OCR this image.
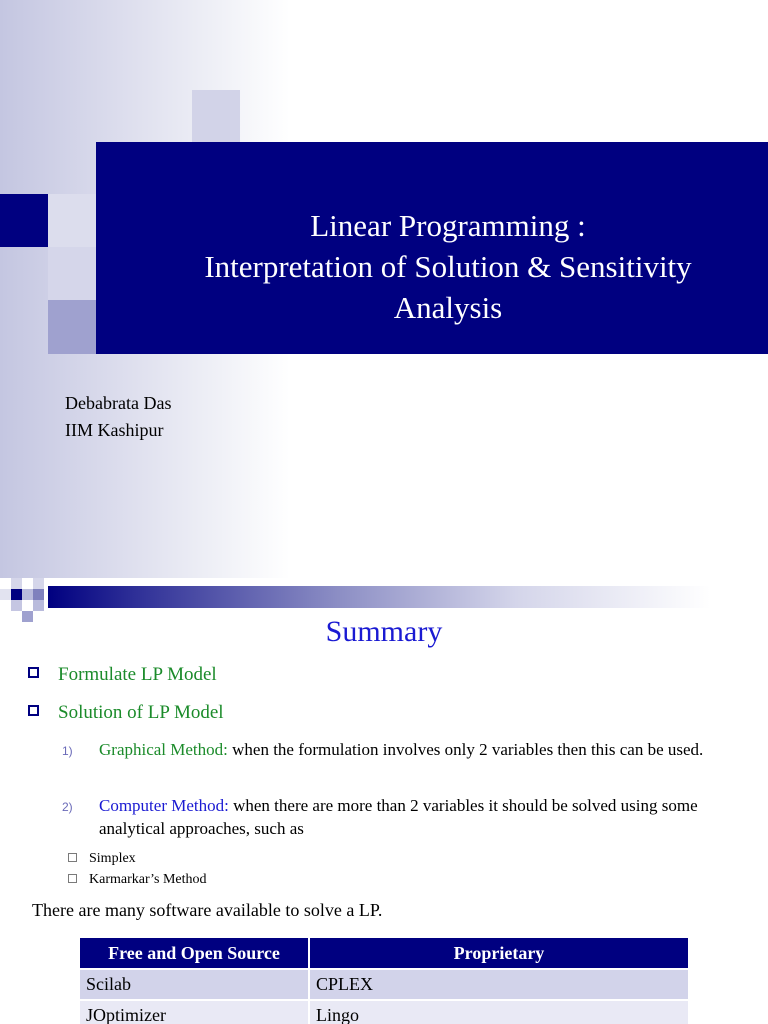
Linear Programming :
Interpretation of Solution & Sensitivity
Analysis
Debabrata Das
IIM Kashipur
Summary
Formulate LP Model
Solution of LP Model
1) Graphical Method: when the formulation involves only 2 variables then this can be used.
2) Computer Method: when there are more than 2 variables it should be solved using some analytical approaches, such as
Simplex
Karmarkar’s Method
There are many software available to solve a LP.
Free and Open Source	Proprietary
Scilab	CPLEX
JOptimizer	Lingo
